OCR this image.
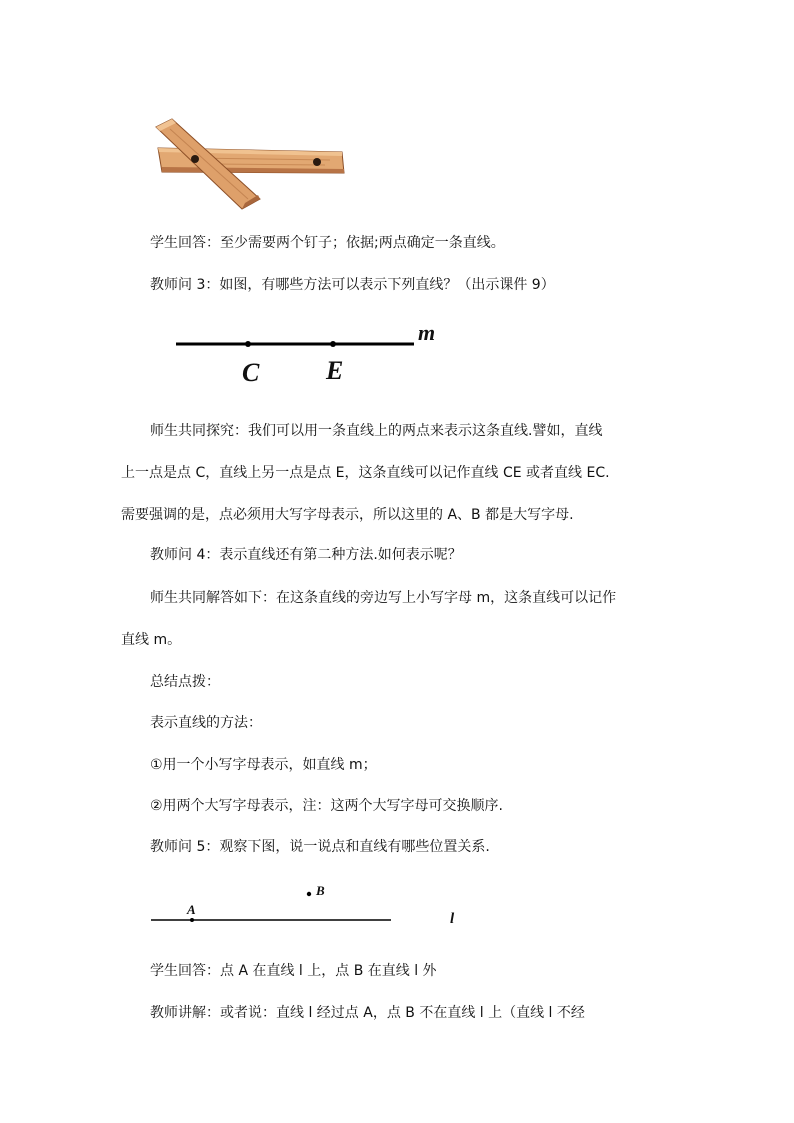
学生回答：至少需要两个钉子；依据;两点确定一条直线。
教师问 3：如图，有哪些方法可以表示下列直线？（出示课件 9）
m
C	E
师生共同探究：我们可以用一条直线上的两点来表示这条直线.譬如，直线
上一点是点 C，直线上另一点是点 E，这条直线可以记作直线 CE 或者直线 EC.
需要强调的是，点必须用大写字母表示，所以这里的 A、B 都是大写字母.
教师问 4：表示直线还有第二种方法.如何表示呢？
师生共同解答如下：在这条直线的旁边写上小写字母 m，这条直线可以记作
直线 m。
总结点拨：
表示直线的方法：
①用一个小写字母表示，如直线 m；
②用两个大写字母表示，注：这两个大写字母可交换顺序.
教师问 5：观察下图，说一说点和直线有哪些位置关系.
A
B
l
学生回答：点 A 在直线 l 上，点 B 在直线 l 外
教师讲解：或者说：直线 l 经过点 A，点 B 不在直线 l 上（直线 l 不经
